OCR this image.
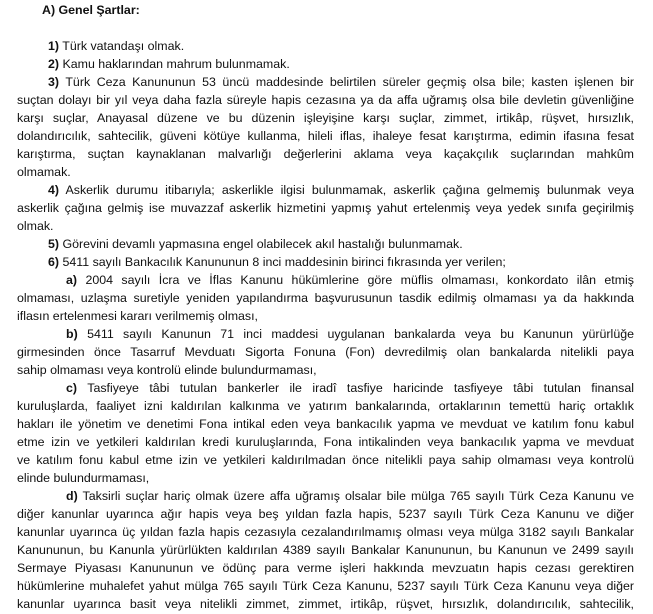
A) Genel Şartlar:
1) Türk vatandaşı olmak.
2) Kamu haklarından mahrum bulunmamak.
3) Türk Ceza Kanununun 53 üncü maddesinde belirtilen süreler geçmiş olsa bile; kasten işlenen bir
suçtan dolayı bir yıl veya daha fazla süreyle hapis cezasına ya da affa uğramış olsa bile devletin güvenliğine
karşı suçlar, Anayasal düzene ve bu düzenin işleyişine karşı suçlar, zimmet, irtikâp, rüşvet, hırsızlık,
dolandırıcılık, sahtecilik, güveni kötüye kullanma, hileli iflas, ihaleye fesat karıştırma, edimin ifasına fesat
karıştırma, suçtan kaynaklanan malvarlığı değerlerini aklama veya kaçakçılık suçlarından mahkûm
olmamak.
4) Askerlik durumu itibarıyla; askerlikle ilgisi bulunmamak, askerlik çağına gelmemiş bulunmak veya
askerlik çağına gelmiş ise muvazzaf askerlik hizmetini yapmış yahut ertelenmiş veya yedek sınıfa geçirilmiş
olmak.
5) Görevini devamlı yapmasına engel olabilecek akıl hastalığı bulunmamak.
6) 5411 sayılı Bankacılık Kanununun 8 inci maddesinin birinci fıkrasında yer verilen;
a) 2004 sayılı İcra ve İflas Kanunu hükümlerine göre müflis olmaması, konkordato ilân etmiş
olmaması, uzlaşma suretiyle yeniden yapılandırma başvurusunun tasdik edilmiş olmaması ya da hakkında
iflasın ertelenmesi kararı verilmemiş olması,
b) 5411 sayılı Kanunun 71 inci maddesi uygulanan bankalarda veya bu Kanunun yürürlüğe
girmesinden önce Tasarruf Mevduatı Sigorta Fonuna (Fon) devredilmiş olan bankalarda nitelikli paya
sahip olmaması veya kontrolü elinde bulundurmaması,
c) Tasfiyeye tâbi tutulan bankerler ile iradî tasfiye haricinde tasfiyeye tâbi tutulan finansal
kuruluşlarda, faaliyet izni kaldırılan kalkınma ve yatırım bankalarında, ortaklarının temettü hariç ortaklık
hakları ile yönetim ve denetimi Fona intikal eden veya bankacılık yapma ve mevduat ve katılım fonu kabul
etme izin ve yetkileri kaldırılan kredi kuruluşlarında, Fona intikalinden veya bankacılık yapma ve mevduat
ve katılım fonu kabul etme izin ve yetkileri kaldırılmadan önce nitelikli paya sahip olmaması veya kontrolü
elinde bulundurmaması,
d) Taksirli suçlar hariç olmak üzere affa uğramış olsalar bile mülga 765 sayılı Türk Ceza Kanunu ve
diğer kanunlar uyarınca ağır hapis veya beş yıldan fazla hapis, 5237 sayılı Türk Ceza Kanunu ve diğer
kanunlar uyarınca üç yıldan fazla hapis cezasıyla cezalandırılmamış olması veya mülga 3182 sayılı Bankalar
Kanununun, bu Kanunla yürürlükten kaldırılan 4389 sayılı Bankalar Kanununun, bu Kanunun ve 2499 sayılı
Sermaye Piyasası Kanununun ve ödünç para verme işleri hakkında mevzuatın hapis cezası gerektiren
hükümlerine muhalefet yahut mülga 765 sayılı Türk Ceza Kanunu, 5237 sayılı Türk Ceza Kanunu veya diğer
kanunlar uyarınca basit veya nitelikli zimmet, zimmet, irtikâp, rüşvet, hırsızlık, dolandırıcılık, sahtecilik,
